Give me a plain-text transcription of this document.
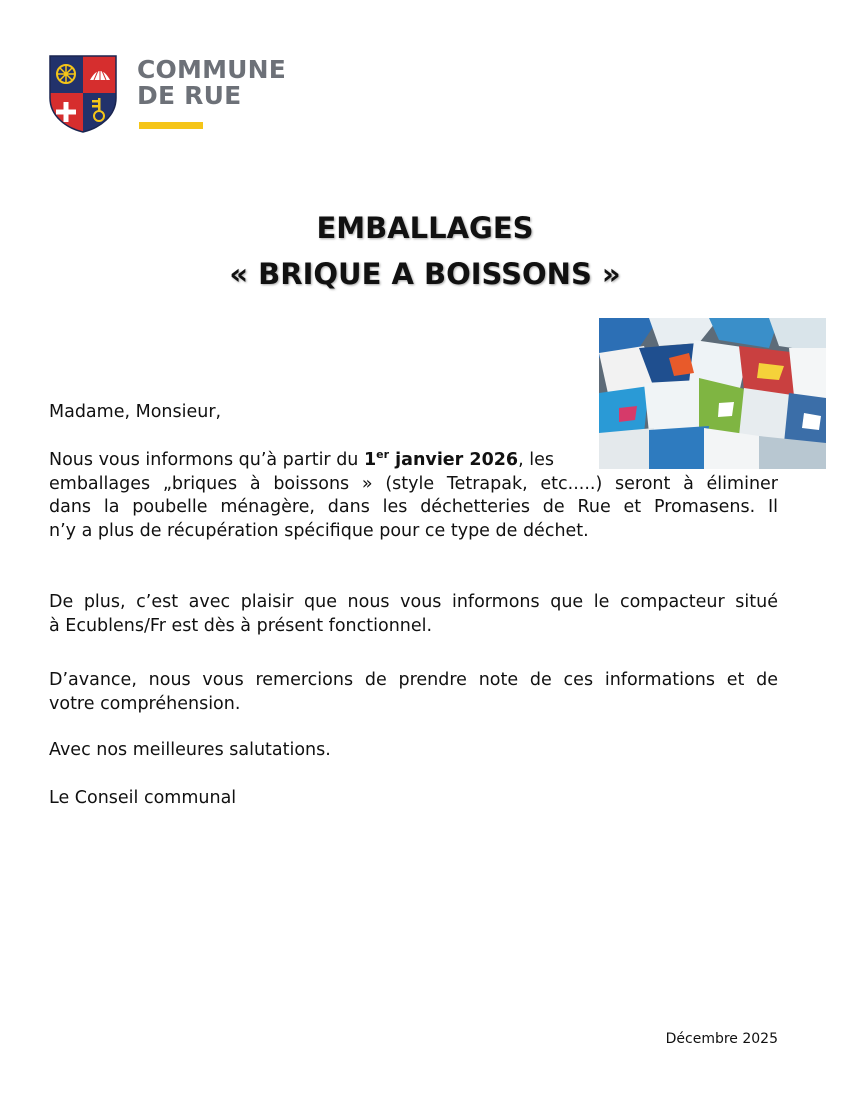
COMMUNE
DE RUE
EMBALLAGES
« BRIQUE A BOISSONS »
Madame, Monsieur,
Nous vous informons qu’à partir du 1er janvier 2026, les
emballages „briques à boissons » (style Tetrapak, etc.....) seront à éliminer
dans la poubelle ménagère, dans les déchetteries de Rue et Promasens. Il
n’y a plus de récupération spécifique pour ce type de déchet.
De plus, c’est avec plaisir que nous vous informons que le compacteur situé
à Ecublens/Fr est dès à présent fonctionnel.
D’avance, nous vous remercions de prendre note de ces informations et de
votre compréhension.
Avec nos meilleures salutations.
Le Conseil communal
Décembre 2025
